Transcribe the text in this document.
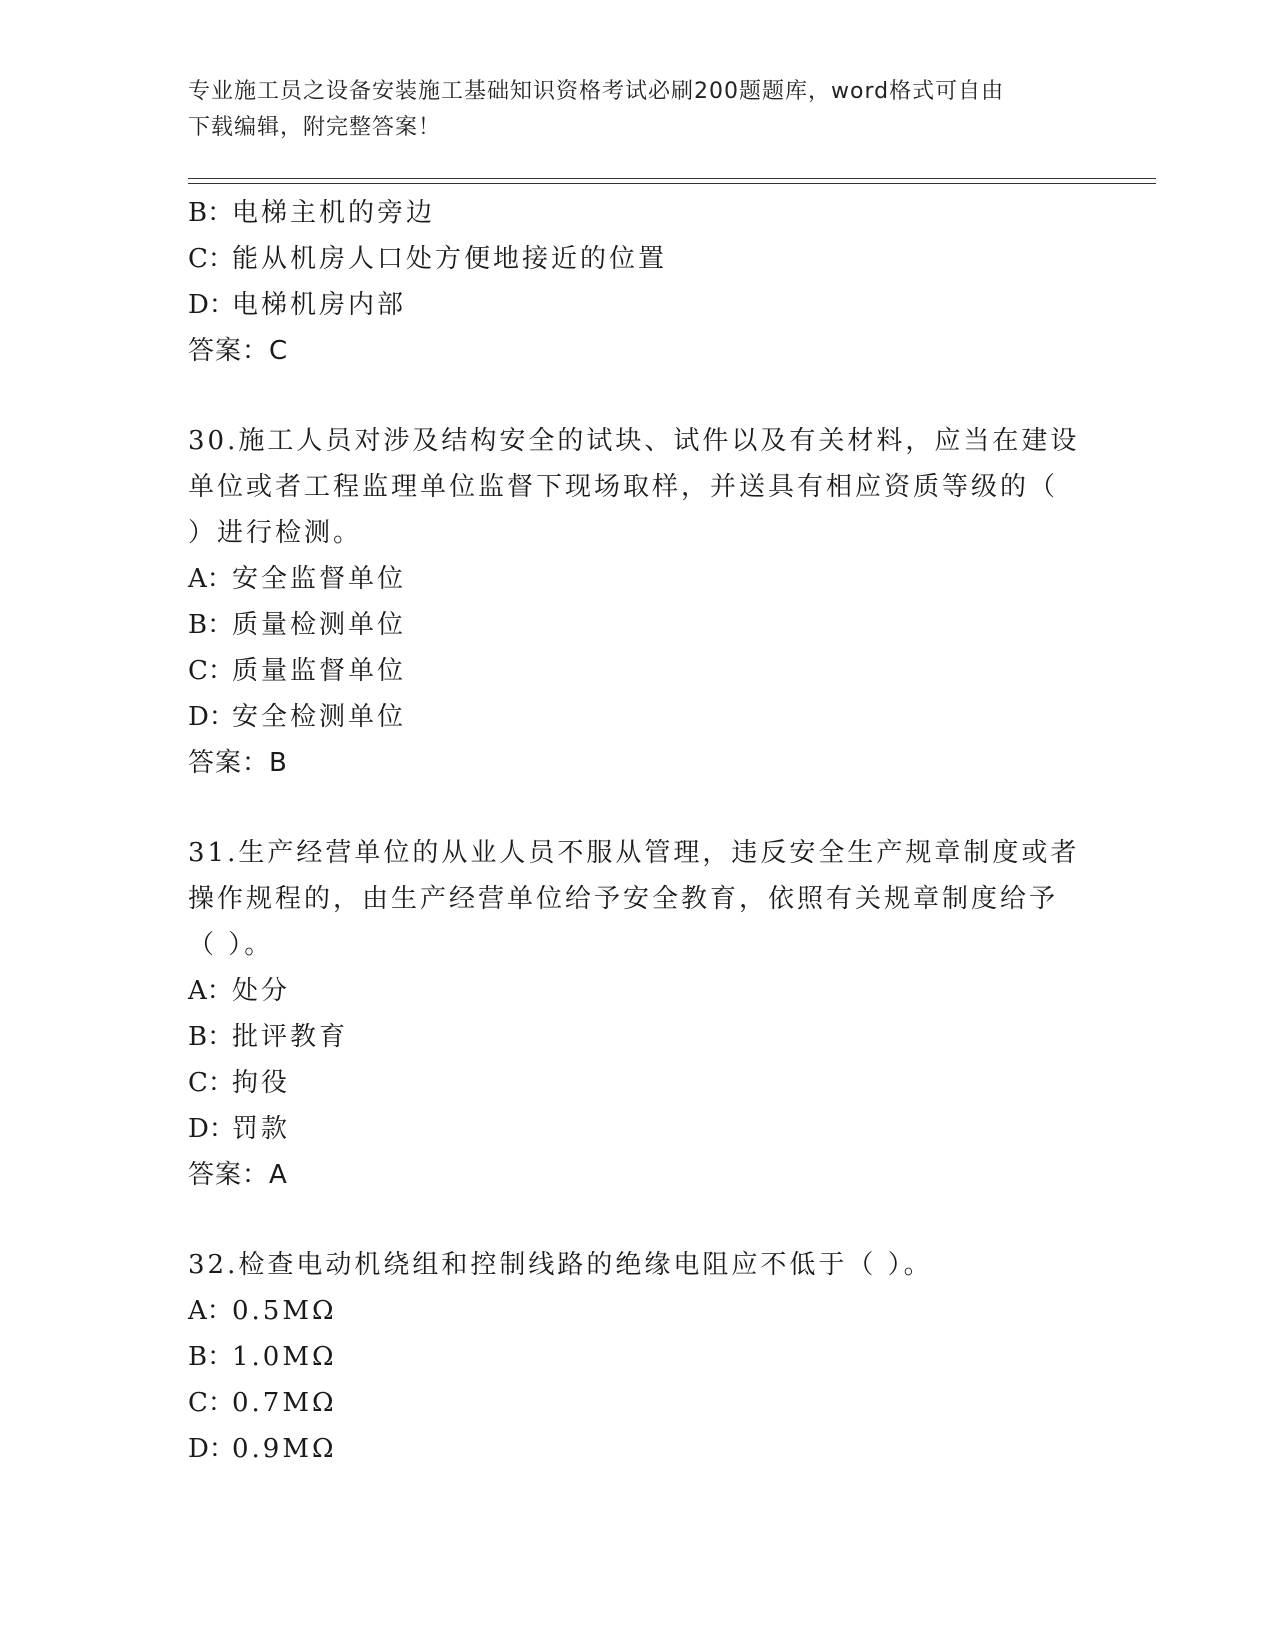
专业施工员之设备安装施工基础知识资格考试必刷200题题库，word格式可自由
下载编辑，附完整答案！
B：电梯主机的旁边
C：能从机房人口处方便地接近的位置
D：电梯机房内部
答案：C
30.施工人员对涉及结构安全的试块、试件以及有关材料，应当在建设
单位或者工程监理单位监督下现场取样，并送具有相应资质等级的（
）进行检测。
A：安全监督单位
B：质量检测单位
C：质量监督单位
D：安全检测单位
答案：B
31.生产经营单位的从业人员不服从管理，违反安全生产规章制度或者
操作规程的，由生产经营单位给予安全教育，依照有关规章制度给予
（ ）。
A：处分
B：批评教育
C：拘役
D：罚款
答案：A
32.检查电动机绕组和控制线路的绝缘电阻应不低于（ ）。
A：0.5MΩ
B：1.0MΩ
C：0.7MΩ
D：0.9MΩ
